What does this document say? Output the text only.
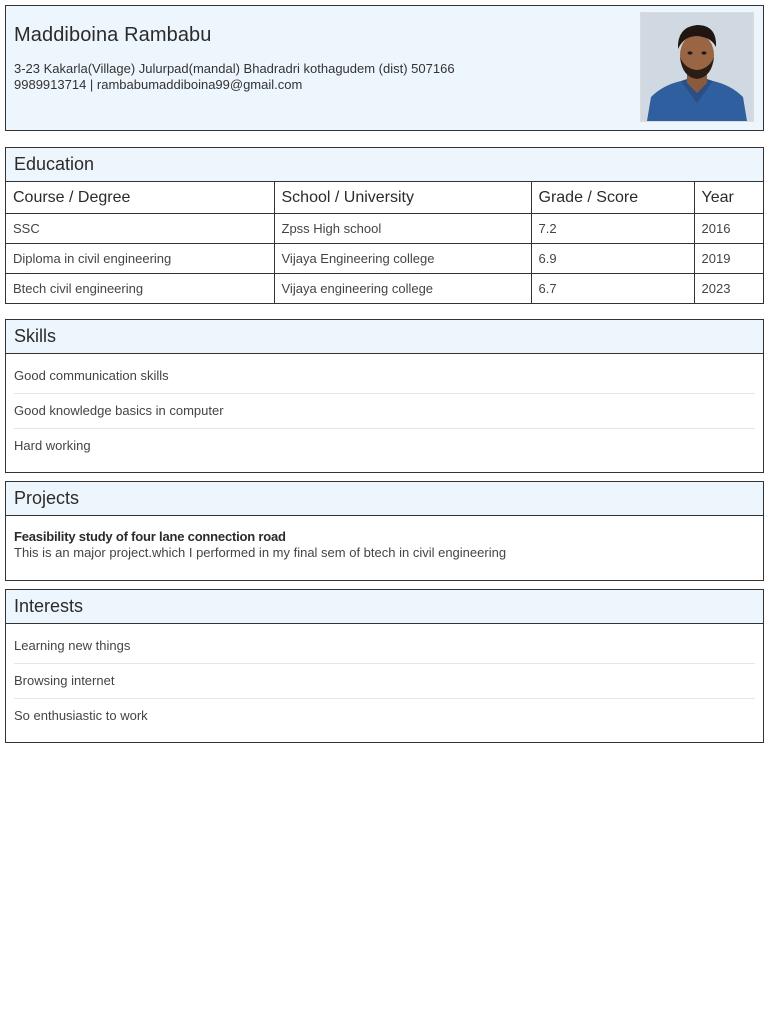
Maddiboina Rambabu
3-23 Kakarla(Village) Julurpad(mandal) Bhadradri kothagudem (dist) 507166
9989913714 | rambabumaddiboina99@gmail.com
Education
Course / Degree	School / University	Grade / Score	Year
SSC	Zpss High school	7.2	2016
Diploma in civil engineering	Vijaya Engineering college	6.9	2019
Btech civil engineering	Vijaya engineering college	6.7	2023
Skills
Good communication skills
Good knowledge basics in computer
Hard working
Projects
Feasibility study of four lane connection road
This is an major project.which I performed in my final sem of btech in civil engineering
Interests
Learning new things
Browsing internet
So enthusiastic to work
